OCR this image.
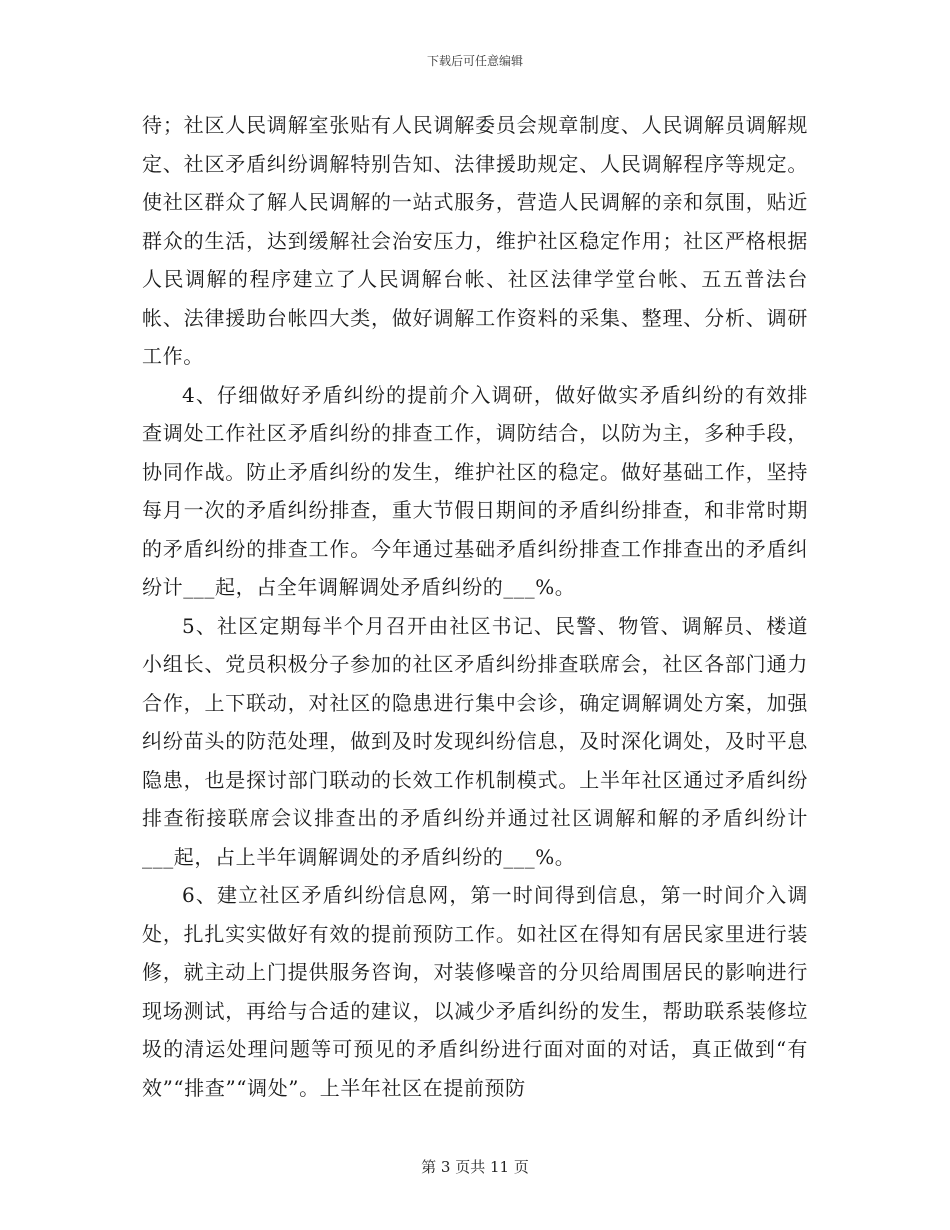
下载后可任意编辑

待；社区人民调解室张贴有人民调解委员会规章制度、人民调解员调解规定、社区矛盾纠纷调解特别告知、法律援助规定、人民调解程序等规定。使社区群众了解人民调解的一站式服务，营造人民调解的亲和氛围，贴近群众的生活，达到缓解社会治安压力，维护社区稳定作用；社区严格根据人民调解的程序建立了人民调解台帐、社区法律学堂台帐、五五普法台帐、法律援助台帐四大类，做好调解工作资料的采集、整理、分析、调研工作。

4、仔细做好矛盾纠纷的提前介入调研，做好做实矛盾纠纷的有效排查调处工作社区矛盾纠纷的排查工作，调防结合，以防为主，多种手段，协同作战。防止矛盾纠纷的发生，维护社区的稳定。做好基础工作，坚持每月一次的矛盾纠纷排查，重大节假日期间的矛盾纠纷排查，和非常时期的矛盾纠纷的排查工作。今年通过基础矛盾纠纷排查工作排查出的矛盾纠纷计___起，占全年调解调处矛盾纠纷的___%。

5、社区定期每半个月召开由社区书记、民警、物管、调解员、楼道小组长、党员积极分子参加的社区矛盾纠纷排查联席会，社区各部门通力合作，上下联动，对社区的隐患进行集中会诊，确定调解调处方案，加强纠纷苗头的防范处理，做到及时发现纠纷信息，及时深化调处，及时平息隐患，也是探讨部门联动的长效工作机制模式。上半年社区通过矛盾纠纷排查衔接联席会议排查出的矛盾纠纷并通过社区调解和解的矛盾纠纷计___起，占上半年调解调处的矛盾纠纷的___%。

6、建立社区矛盾纠纷信息网，第一时间得到信息，第一时间介入调处，扎扎实实做好有效的提前预防工作。如社区在得知有居民家里进行装修，就主动上门提供服务咨询，对装修噪音的分贝给周围居民的影响进行现场测试，再给与合适的建议，以减少矛盾纠纷的发生，帮助联系装修垃圾的清运处理问题等可预见的矛盾纠纷进行面对面的对话，真正做到“有效”“排查”“调处”。上半年社区在提前预防

第 3 页共 11 页
